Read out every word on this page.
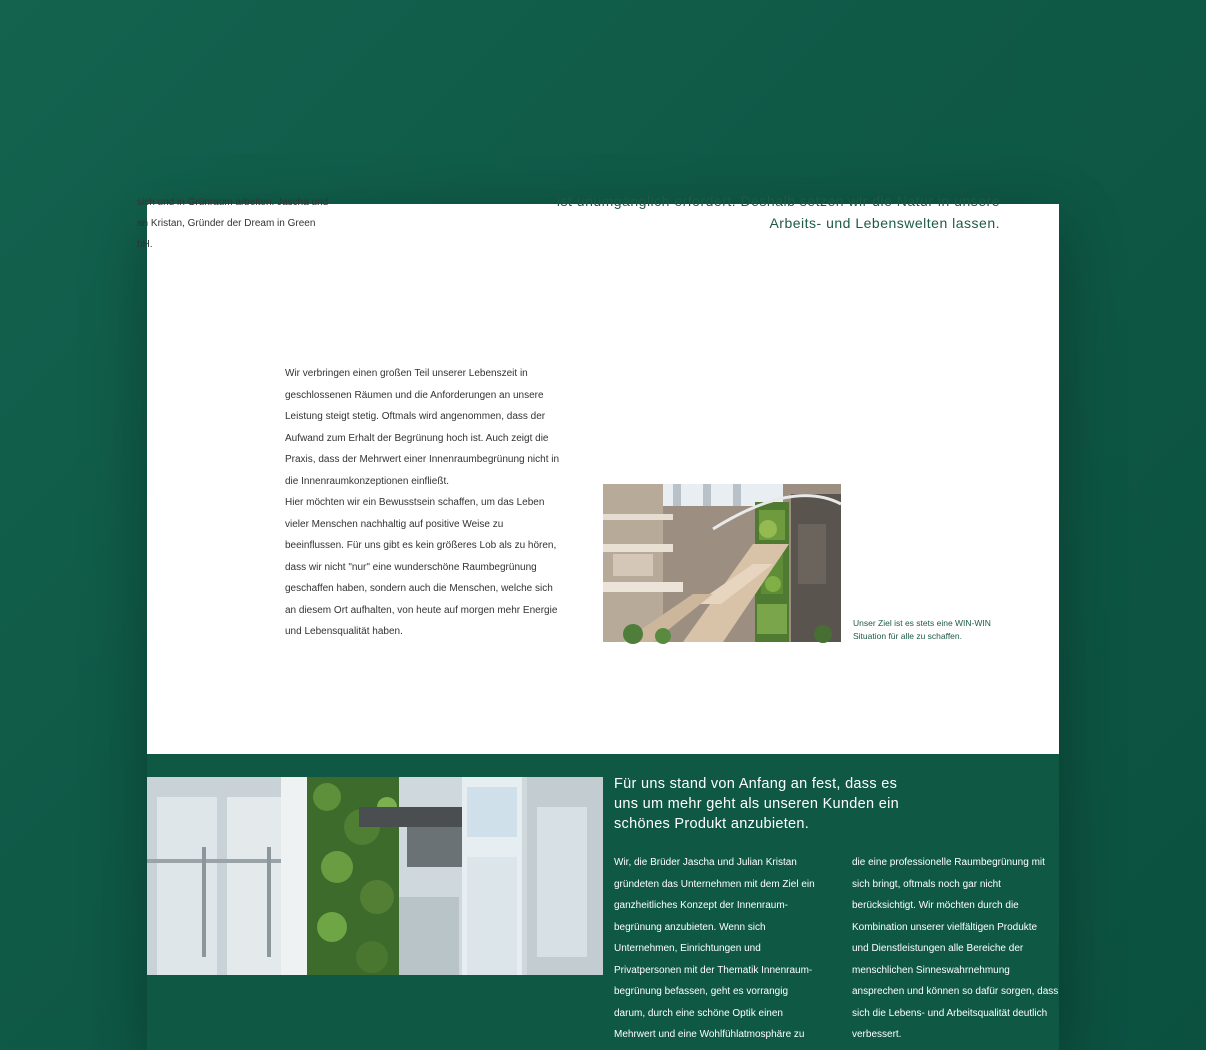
sich und in Grünraum arbeiten. Jascha und
an Kristan, Gründer der Dream in Green
bH.
ist unumgänglich erfordert. Deshalb setzen wir die Natur in unsere
Arbeits- und Lebenswelten lassen.

Wir verbringen einen großen Teil unserer Lebenszeit in
geschlossenen Räumen und die Anforderungen an unsere
Leistung steigt stetig. Oftmals wird angenommen, dass der
Aufwand zum Erhalt der Begrünung hoch ist. Auch zeigt die
Praxis, dass der Mehrwert einer Innenraumbegrünung nicht in
die Innenraumkonzeptionen einfließt.

Hier möchten wir ein Bewusstsein schaffen, um das Leben
vieler Menschen nachhaltig auf positive Weise zu
beeinflussen. Für uns gibt es kein größeres Lob als zu hören,
dass wir nicht "nur" eine wunderschöne Raumbegrünung
geschaffen haben, sondern auch die Menschen, welche sich
an diesem Ort aufhalten, von heute auf morgen mehr Energie
und Lebensqualität haben.

Unser Ziel ist es stets eine WIN-WIN
Situation für alle zu schaffen.
Für uns stand von Anfang an fest, dass es
uns um mehr geht als unseren Kunden ein
schönes Produkt anzubieten.

Wir, die Brüder Jascha und Julian Kristan

gründeten das Unternehmen mit dem Ziel ein

ganzheitliches Konzept der Innenraum-

begrünung anzubieten. Wenn sich

Unternehmen, Einrichtungen und

Privatpersonen mit der Thematik Innenraum-

begrünung befassen, geht es vorrangig

darum, durch eine schöne Optik einen

Mehrwert und eine Wohlfühlatmosphäre zu

die eine professionelle Raumbegrünung mit

sich bringt, oftmals noch gar nicht

berücksichtigt. Wir möchten durch die

Kombination unserer vielfältigen Produkte

und Dienstleistungen alle Bereiche der

menschlichen Sinneswahrnehmung

ansprechen und können so dafür sorgen, dass

sich die Lebens- und Arbeitsqualität deutlich

verbessert.
